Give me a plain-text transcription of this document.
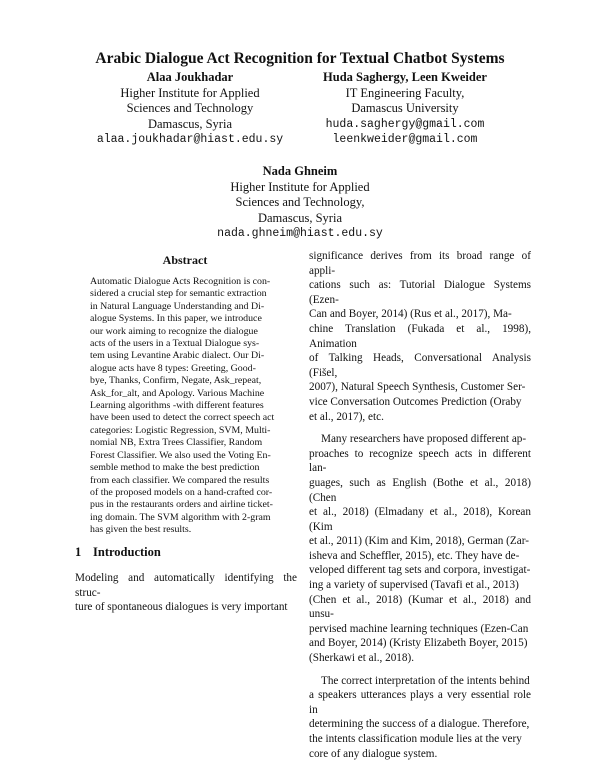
Arabic Dialogue Act Recognition for Textual Chatbot Systems
Alaa Joukhadar
Higher Institute for Applied
Sciences and Technology
Damascus, Syria
alaa.joukhadar@hiast.edu.sy
Huda Saghergy, Leen Kweider
IT Engineering Faculty,
Damascus University
huda.saghergy@gmail.com
leenkweider@gmail.com
Nada Ghneim
Higher Institute for Applied
Sciences and Technology,
Damascus, Syria
nada.ghneim@hiast.edu.sy
Abstract

Automatic Dialogue Acts Recognition is con-

sidered a crucial step for semantic extraction

in Natural Language Understanding and Di-

alogue Systems. In this paper, we introduce

our work aiming to recognize the dialogue

acts of the users in a Textual Dialogue sys-

tem using Levantine Arabic dialect. Our Di-

alogue acts have 8 types: Greeting, Good-

bye, Thanks, Confirm, Negate, Ask_repeat,

Ask_for_alt, and Apology. Various Machine

Learning algorithms -with different features

have been used to detect the correct speech act

categories: Logistic Regression, SVM, Multi-

nomial NB, Extra Trees Classifier, Random

Forest Classifier. We also used the Voting En-

semble method to make the best prediction

from each classifier. We compared the results

of the proposed models on a hand-crafted cor-

pus in the restaurants orders and airline ticket-

ing domain. The SVM algorithm with 2-gram

has given the best results.

1 Introduction

Modeling and automatically identifying the struc-

ture of spontaneous dialogues is very important

significance derives from its broad range of appli-

cations such as: Tutorial Dialogue Systems (Ezen-

Can and Boyer, 2014) (Rus et al., 2017), Ma-

chine Translation (Fukada et al., 1998), Animation

of Talking Heads, Conversational Analysis (Fišel,

2007), Natural Speech Synthesis, Customer Ser-

vice Conversation Outcomes Prediction (Oraby

et al., 2017), etc.

Many researchers have proposed different ap-

proaches to recognize speech acts in different lan-

guages, such as English (Bothe et al., 2018) (Chen

et al., 2018) (Elmadany et al., 2018), Korean (Kim

et al., 2011) (Kim and Kim, 2018), German (Zar-

isheva and Scheffler, 2015), etc. They have de-

veloped different tag sets and corpora, investigat-

ing a variety of supervised (Tavafi et al., 2013)

(Chen et al., 2018) (Kumar et al., 2018) and unsu-

pervised machine learning techniques (Ezen-Can

and Boyer, 2014) (Kristy Elizabeth Boyer, 2015)

(Sherkawi et al., 2018).

The correct interpretation of the intents behind

a speakers utterances plays a very essential role in

determining the success of a dialogue. Therefore,

the intents classification module lies at the very

core of any dialogue system.
